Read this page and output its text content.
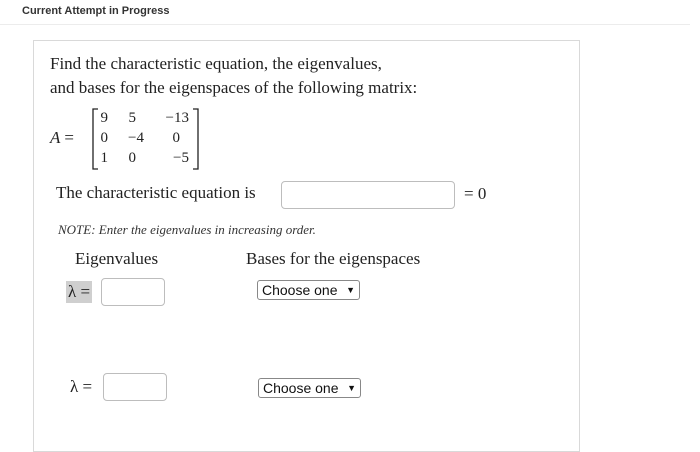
Current Attempt in Progress
Find the characteristic equation, the eigenvalues,
and bases for the eigenspaces of the following matrix:
A =
9	5	−13
0	−4	0
1	0	−5
The characteristic equation is	= 0
NOTE: Enter the eigenvalues in increasing order.
Eigenvalues	Bases for the eigenspaces
λ =	Choose one ▼
λ =	Choose one ▼
